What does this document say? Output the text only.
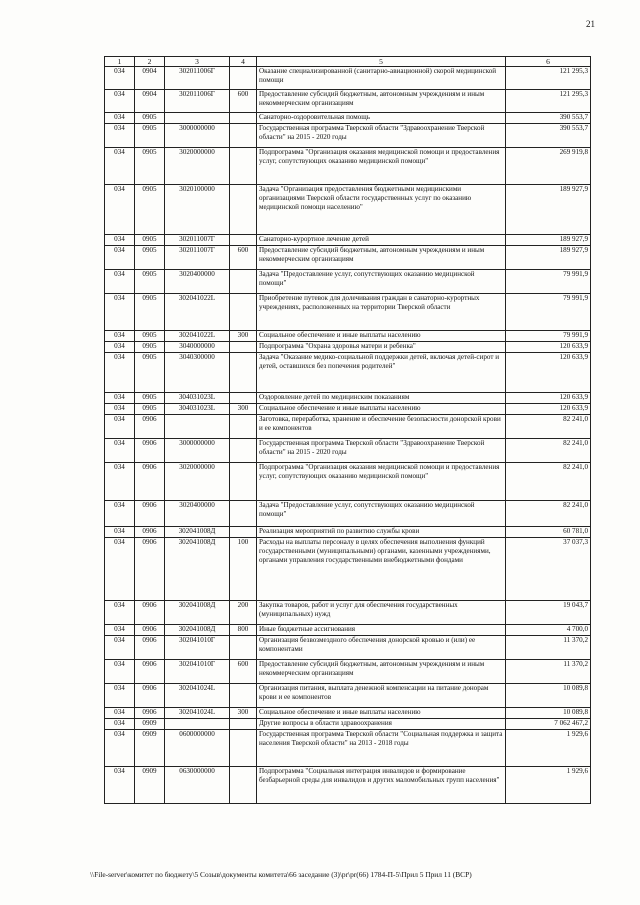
21
1	2	3	4	5	6
034	0904	302011006Г		Оказание специализированной (санитарно-авиационной) скорой медицинской помощи	121 295,3
034	0904	302011006Г	600	Предоставление субсидий бюджетным, автономным учреждениям и иным некоммерческим организациям	121 295,3
034	0905			Санаторно-оздоровительная помощь	390 553,7
034	0905	3000000000		Государственная программа Тверской области "Здравоохранение Тверской области" на 2015 - 2020 годы	390 553,7
034	0905	3020000000		Подпрограмма "Организация оказания медицинской помощи и предоставления услуг, сопутствующих оказанию медицинской помощи"	269 919,8
034	0905	3020100000		Задача "Организация предоставления бюджетными медицинскими организациями Тверской области государственных услуг по оказанию медицинской помощи населению"	189 927,9
034	0905	302011007Г		Санаторно-курортное лечение детей	189 927,9
034	0905	302011007Г	600	Предоставление субсидий бюджетным, автономным учреждениям и иным некоммерческим организациям	189 927,9
034	0905	3020400000		Задача "Предоставление услуг, сопутствующих оказанию медицинской помощи"	79 991,9
034	0905	302041022L		Приобретение путевок для долечивания граждан в санаторно-курортных учреждениях, расположенных на территории Тверской области	79 991,9
034	0905	302041022L	300	Социальное обеспечение и иные выплаты населению	79 991,9
034	0905	3040000000		Подпрограмма "Охрана здоровья матери и ребенка"	120 633,9
034	0905	3040300000		Задача "Оказание медико-социальной поддержки детей, включая детей-сирот и детей, оставшихся без попечения родителей"	120 633,9
034	0905	304031023L		Оздоровление детей по медицинским показаниям	120 633,9
034	0905	304031023L	300	Социальное обеспечение и иные выплаты населению	120 633,9
034	0906			Заготовка, переработка, хранение и обеспечение безопасности донорской крови и ее компонентов	82 241,0
034	0906	3000000000		Государственная программа Тверской области "Здравоохранение Тверской области" на 2015 - 2020 годы	82 241,0
034	0906	3020000000		Подпрограмма "Организация оказания медицинской помощи и предоставления услуг, сопутствующих оказанию медицинской помощи"	82 241,0
034	0906	3020400000		Задача "Предоставление услуг, сопутствующих оказанию медицинской помощи"	82 241,0
034	0906	302041008Д		Реализация мероприятий по развитию службы крови	60 781,0
034	0906	302041008Д	100	Расходы на выплаты персоналу в целях обеспечения выполнения функций государственными (муниципальными) органами, казенными учреждениями, органами управления государственными внебюджетными фондами	37 037,3
034	0906	302041008Д	200	Закупка товаров, работ и услуг для обеспечения государственных (муниципальных) нужд	19 043,7
034	0906	302041008Д	800	Иные бюджетные ассигнования	4 700,0
034	0906	302041010Г		Организация безвозмездного обеспечения донорской кровью и (или) ее компонентами	11 370,2
034	0906	302041010Г	600	Предоставление субсидий бюджетным, автономным учреждениям и иным некоммерческим организациям	11 370,2
034	0906	302041024L		Организация питания, выплата денежной компенсации на питание донорам крови и ее компонентов	10 089,8
034	0906	302041024L	300	Социальное обеспечение и иные выплаты населению	10 089,8
034	0909			Другие вопросы в области здравоохранения	7 062 467,2
034	0909	0600000000		Государственная программа Тверской области "Социальная поддержка и защита населения Тверской области" на 2013 - 2018 годы	1 929,6
034	0909	0630000000		Подпрограмма "Социальная интеграция инвалидов и формирование безбарьерной среды для инвалидов и других маломобильных групп населения"	1 929,6
\\File-server\комитет по бюджету\5 Созыв\документы комитета\66 заседание (3)\pr\pr(66) 1784-П-5\Прил 5 Прил 11 (ВСР)
